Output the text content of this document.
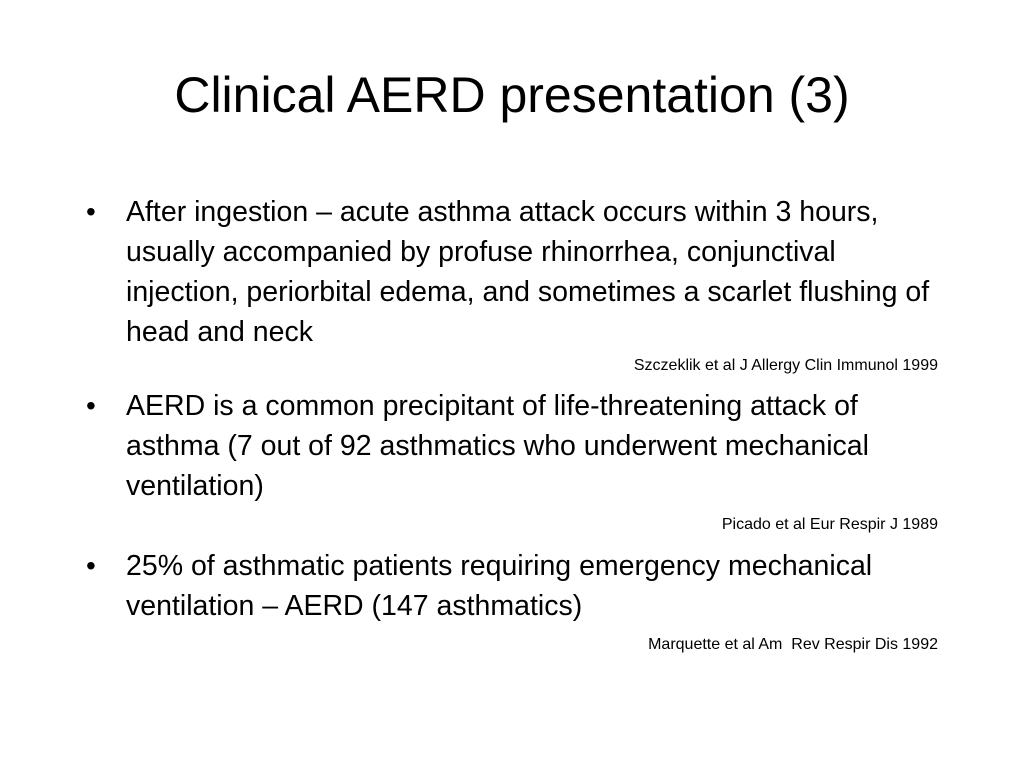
Clinical AERD presentation (3)
•	After ingestion – acute asthma attack occurs within 3 hours, usually accompanied by profuse rhinorrhea, conjunctival injection, periorbital edema, and sometimes a scarlet flushing of head and neck
Szczeklik et al J Allergy Clin Immunol 1999
•	AERD is a common precipitant of life-threatening attack of asthma (7 out of 92 asthmatics who underwent mechanical ventilation)
Picado et al Eur Respir J 1989
•	25% of asthmatic patients requiring emergency mechanical ventilation – AERD (147 asthmatics)
Marquette et al Am  Rev Respir Dis 1992
